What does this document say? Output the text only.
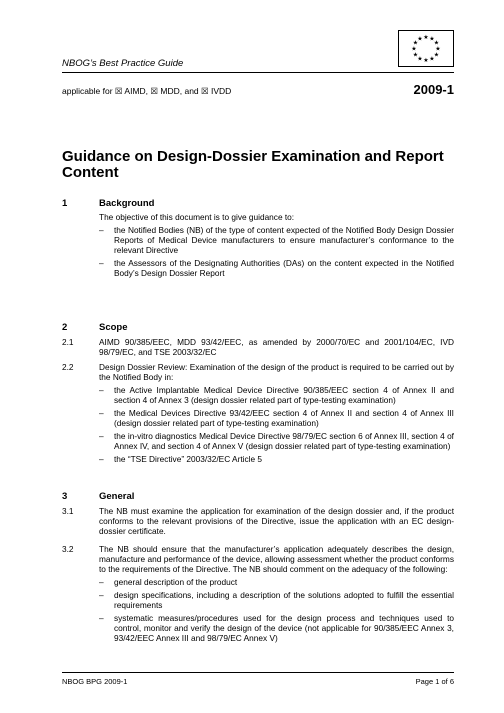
NBOG’s Best Practice Guide
★ ★
★
★
★
★
★
★
★
★
★
★
applicable for ☒ AIMD, ☒ MDD, and ☒ IVDD	2009-1
Guidance on Design-Dossier Examination and Report Content
1	Background
The objective of this document is to give guidance to:
– the Notified Bodies (NB) of the type of content expected of the Notified Body Design Dossier Reports of Medical Device manufacturers to ensure manufacturer’s conformance to the relevant Directive
– the Assessors of the Designating Authorities (DAs) on the content expected in the Notified Body’s Design Dossier Report
2	Scope
2.1	AIMD 90/385/EEC, MDD 93/42/EEC, as amended by 2000/70/EC and 2001/104/EC, IVD 98/79/EC, and TSE 2003/32/EC
2.2	Design Dossier Review: Examination of the design of the product is required to be carried out by the Notified Body in:
– the Active Implantable Medical Device Directive 90/385/EEC section 4 of Annex II and section 4 of Annex 3 (design dossier related part of type-testing examination)
– the Medical Devices Directive 93/42/EEC section 4 of Annex II and section 4 of Annex III (design dossier related part of type-testing examination)
– the in-vitro diagnostics Medical Device Directive 98/79/EC section 6 of Annex III, section 4 of Annex IV, and section 4 of Annex V (design dossier related part of type-testing examination)
– the “TSE Directive” 2003/32/EC Article 5
3	General
3.1	The NB must examine the application for examination of the design dossier and, if the product conforms to the relevant provisions of the Directive, issue the application with an EC design-dossier certificate.
3.2	The NB should ensure that the manufacturer’s application adequately describes the design, manufacture and performance of the device, allowing assessment whether the product conforms to the requirements of the Directive. The NB should comment on the adequacy of the following:
– general description of the product
– design specifications, including a description of the solutions adopted to fulfill the essential requirements
– systematic measures/procedures used for the design process and techniques used to control, monitor and verify the design of the device (not applicable for 90/385/EEC Annex 3, 93/42/EEC Annex III and 98/79/EC Annex V)
NBOG BPG 2009-1	Page 1 of 6
